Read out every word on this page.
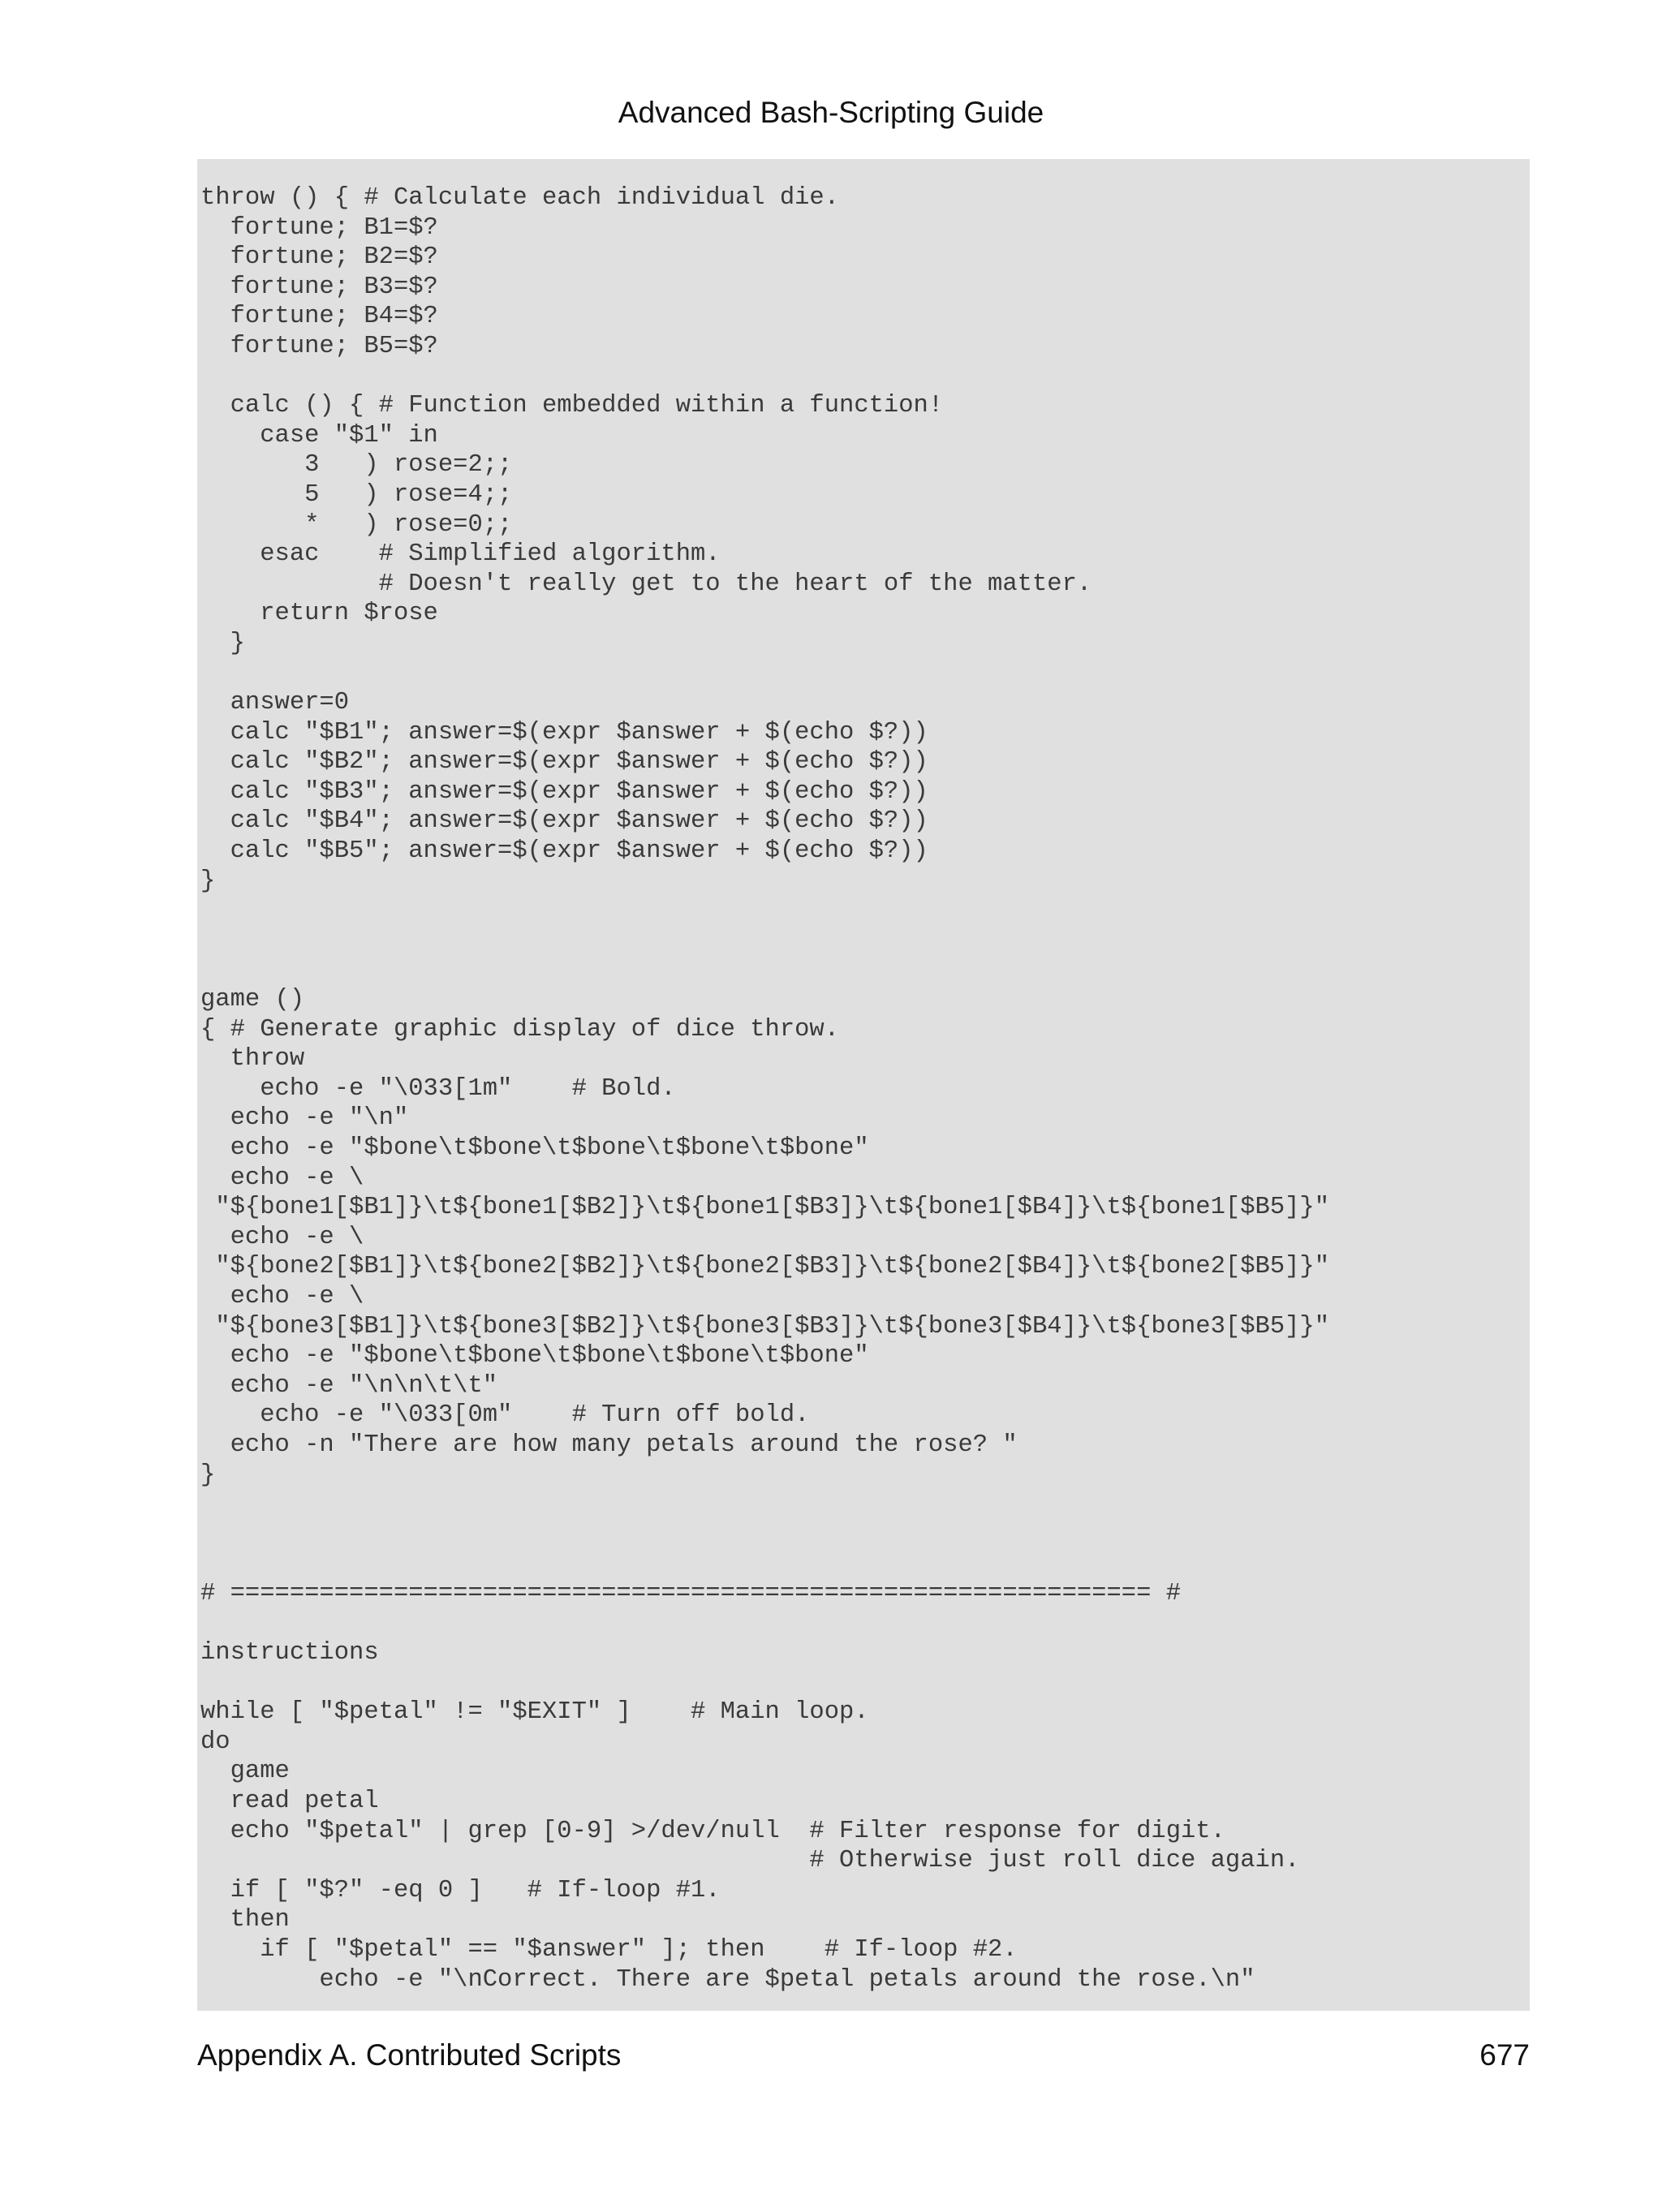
Advanced Bash-Scripting Guide
throw () { # Calculate each individual die.
fortune; B1=$?
fortune; B2=$?
fortune; B3=$?
fortune; B4=$?
fortune; B5=$?
calc () { # Function embedded within a function!
case "$1" in
3   ) rose=2;;
5   ) rose=4;;
*   ) rose=0;;
esac    # Simplified algorithm.
# Doesn't really get to the heart of the matter.
return $rose
}
answer=0
calc "$B1"; answer=$(expr $answer + $(echo $?))
calc "$B2"; answer=$(expr $answer + $(echo $?))
calc "$B3"; answer=$(expr $answer + $(echo $?))
calc "$B4"; answer=$(expr $answer + $(echo $?))
calc "$B5"; answer=$(expr $answer + $(echo $?))
}
game ()
{ # Generate graphic display of dice throw.
throw
echo -e "\033[1m"    # Bold.
echo -e "\n"
echo -e "$bone\t$bone\t$bone\t$bone\t$bone"
echo -e \
"${bone1[$B1]}\t${bone1[$B2]}\t${bone1[$B3]}\t${bone1[$B4]}\t${bone1[$B5]}"
echo -e \
"${bone2[$B1]}\t${bone2[$B2]}\t${bone2[$B3]}\t${bone2[$B4]}\t${bone2[$B5]}"
echo -e \
"${bone3[$B1]}\t${bone3[$B2]}\t${bone3[$B3]}\t${bone3[$B4]}\t${bone3[$B5]}"
echo -e "$bone\t$bone\t$bone\t$bone\t$bone"
echo -e "\n\n\t\t"
echo -e "\033[0m"    # Turn off bold.
echo -n "There are how many petals around the rose? "
}
# ============================================================== #
instructions
while [ "$petal" != "$EXIT" ]    # Main loop.
do
game
read petal
echo "$petal" | grep [0-9] >/dev/null  # Filter response for digit.
# Otherwise just roll dice again.
if [ "$?" -eq 0 ]   # If-loop #1.
then
if [ "$petal" == "$answer" ]; then    # If-loop #2.
echo -e "\nCorrect. There are $petal petals around the rose.\n"
Appendix A. Contributed Scripts	677
